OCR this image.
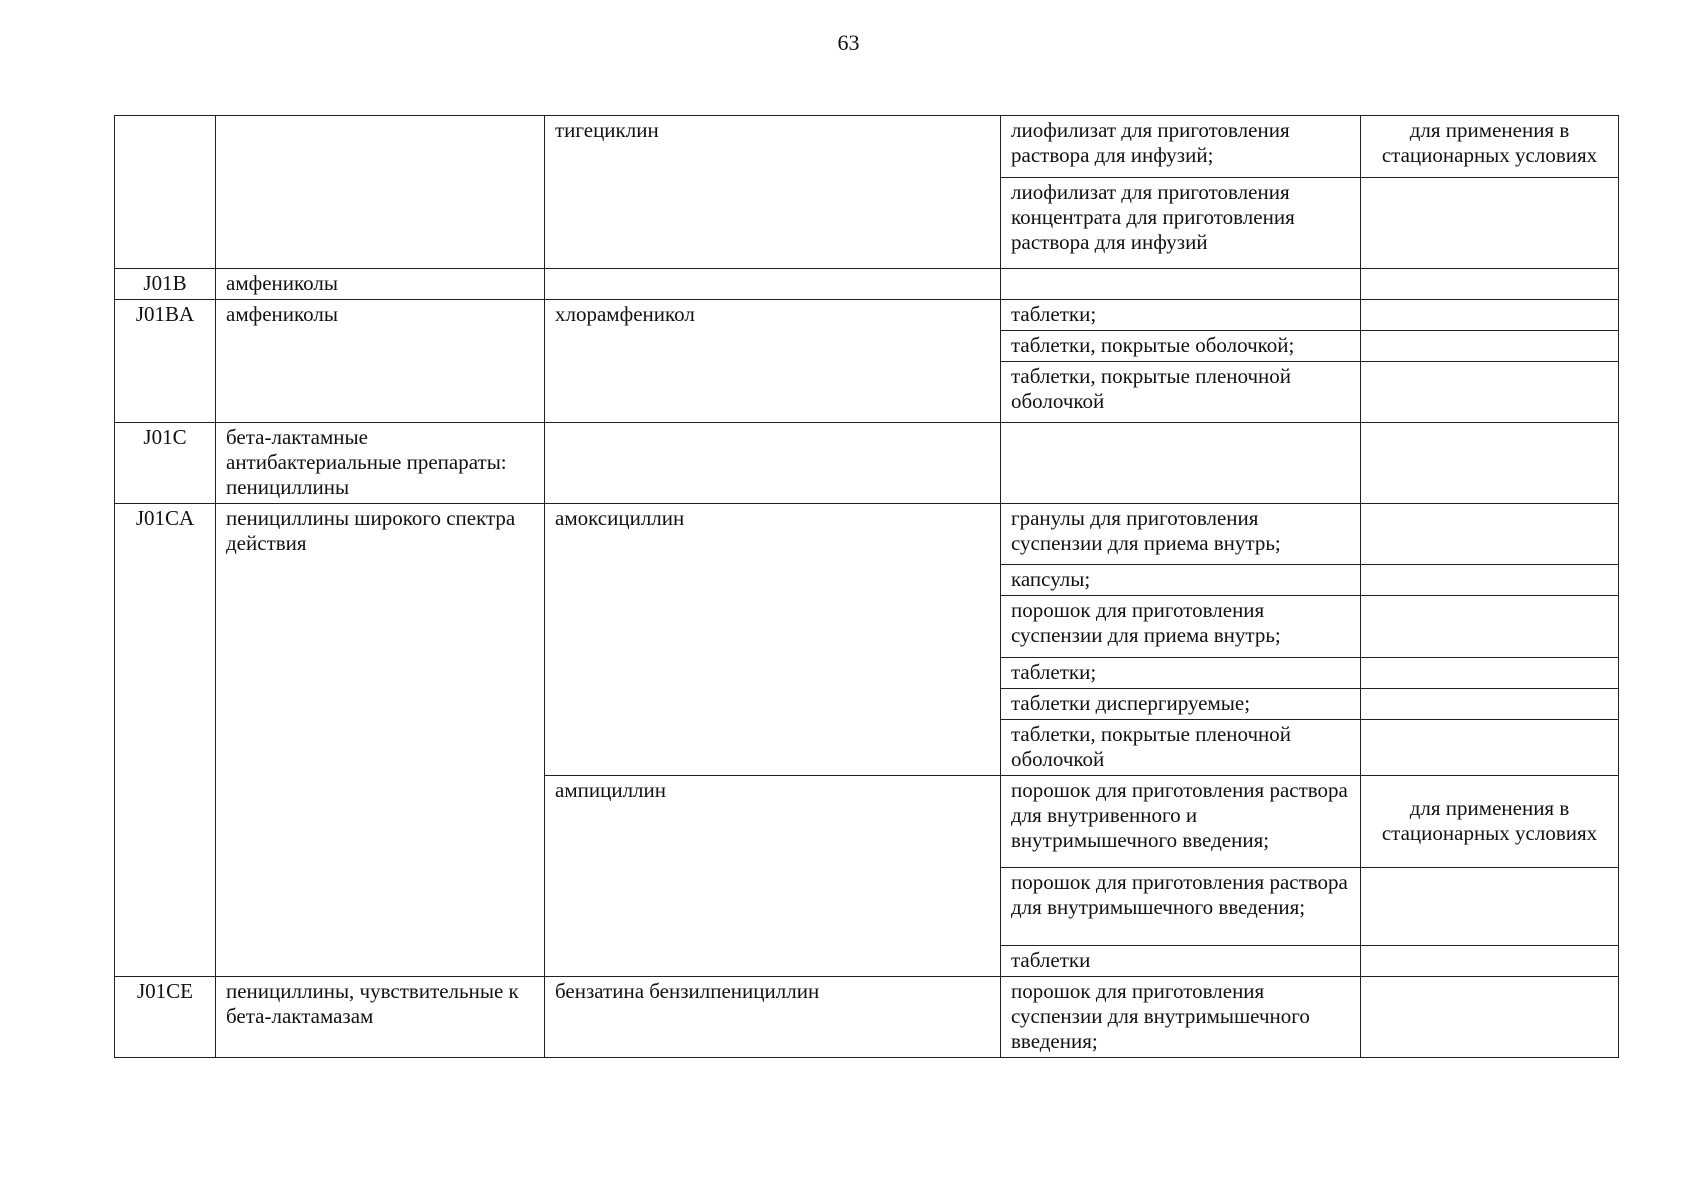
63
		тигециклин	лиофилизат для приготовления раствора для инфузий;	для применения в стационарных условиях
			лиофилизат для приготовления концентрата для приготовления раствора для инфузий	
J01B	амфениколы			
J01BA	амфениколы	хлорамфеникол	таблетки;	
			таблетки, покрытые оболочкой;	
			таблетки, покрытые пленочной оболочкой	
J01C	бета-лактамные антибактериальные препараты: пенициллины			
J01CA	пенициллины широкого спектра действия	амоксициллин	гранулы для приготовления суспензии для приема внутрь;	
			капсулы;	
			порошок для приготовления суспензии для приема внутрь;	
			таблетки;	
			таблетки диспергируемые;	
			таблетки, покрытые пленочной оболочкой	
		ампициллин	порошок для приготовления раствора для внутривенного и внутримышечного введения;	для применения в стационарных условиях
			порошок для приготовления раствора для внутримышечного введения;	
			таблетки	
J01CE	пенициллины, чувствительные к бета-лактамазам	бензатина бензилпенициллин	порошок для приготовления суспензии для внутримышечного введения;	
